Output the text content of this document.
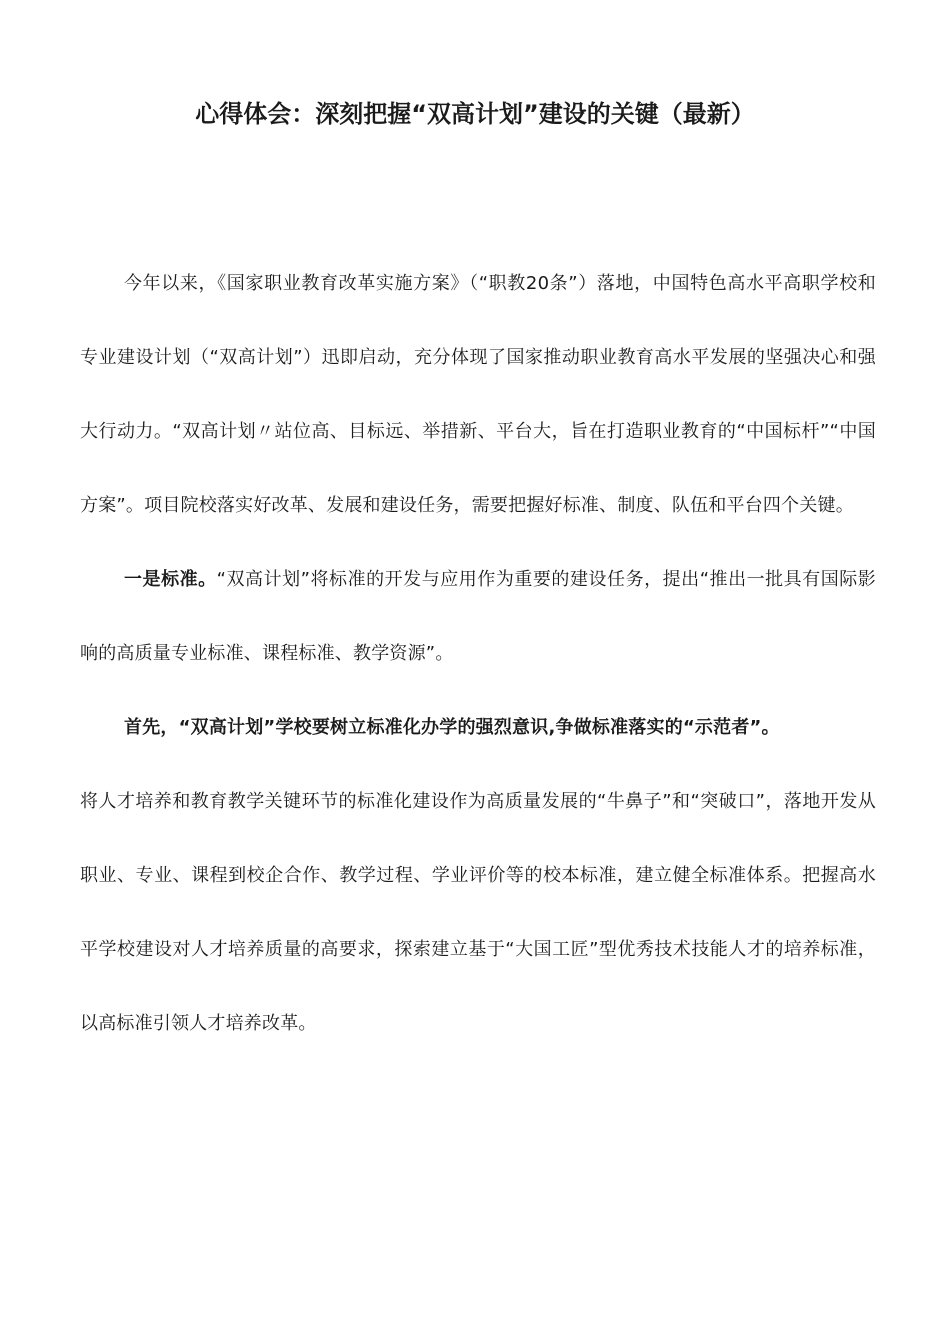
心得体会：深刻把握“双高计划”建设的关键（最新）

今年以来，《国家职业教育改革实施方案》（“职教20条”）落地，中国特色高水平高职学校和专业建设计划（“双高计划”）迅即启动，充分体现了国家推动职业教育高水平发展的坚强决心和强大行动力。“双高计划〃站位高、目标远、举措新、平台大，旨在打造职业教育的“中国标杆”“中国方案”。项目院校落实好改革、发展和建设任务，需要把握好标准、制度、队伍和平台四个关键。

一是标准。“双高计划”将标准的开发与应用作为重要的建设任务，提出“推出一批具有国际影响的高质量专业标准、课程标准、教学资源”。

首先，“双高计划”学校要树立标准化办学的强烈意识,争做标准落实的“示范者”。

将人才培养和教育教学关键环节的标准化建设作为高质量发展的“牛鼻子”和“突破口”，落地开发从职业、专业、课程到校企合作、教学过程、学业评价等的校本标准，建立健全标准体系。把握高水平学校建设对人才培养质量的高要求，探索建立基于“大国工匠”型优秀技术技能人才的培养标准，以高标准引领人才培养改革。
